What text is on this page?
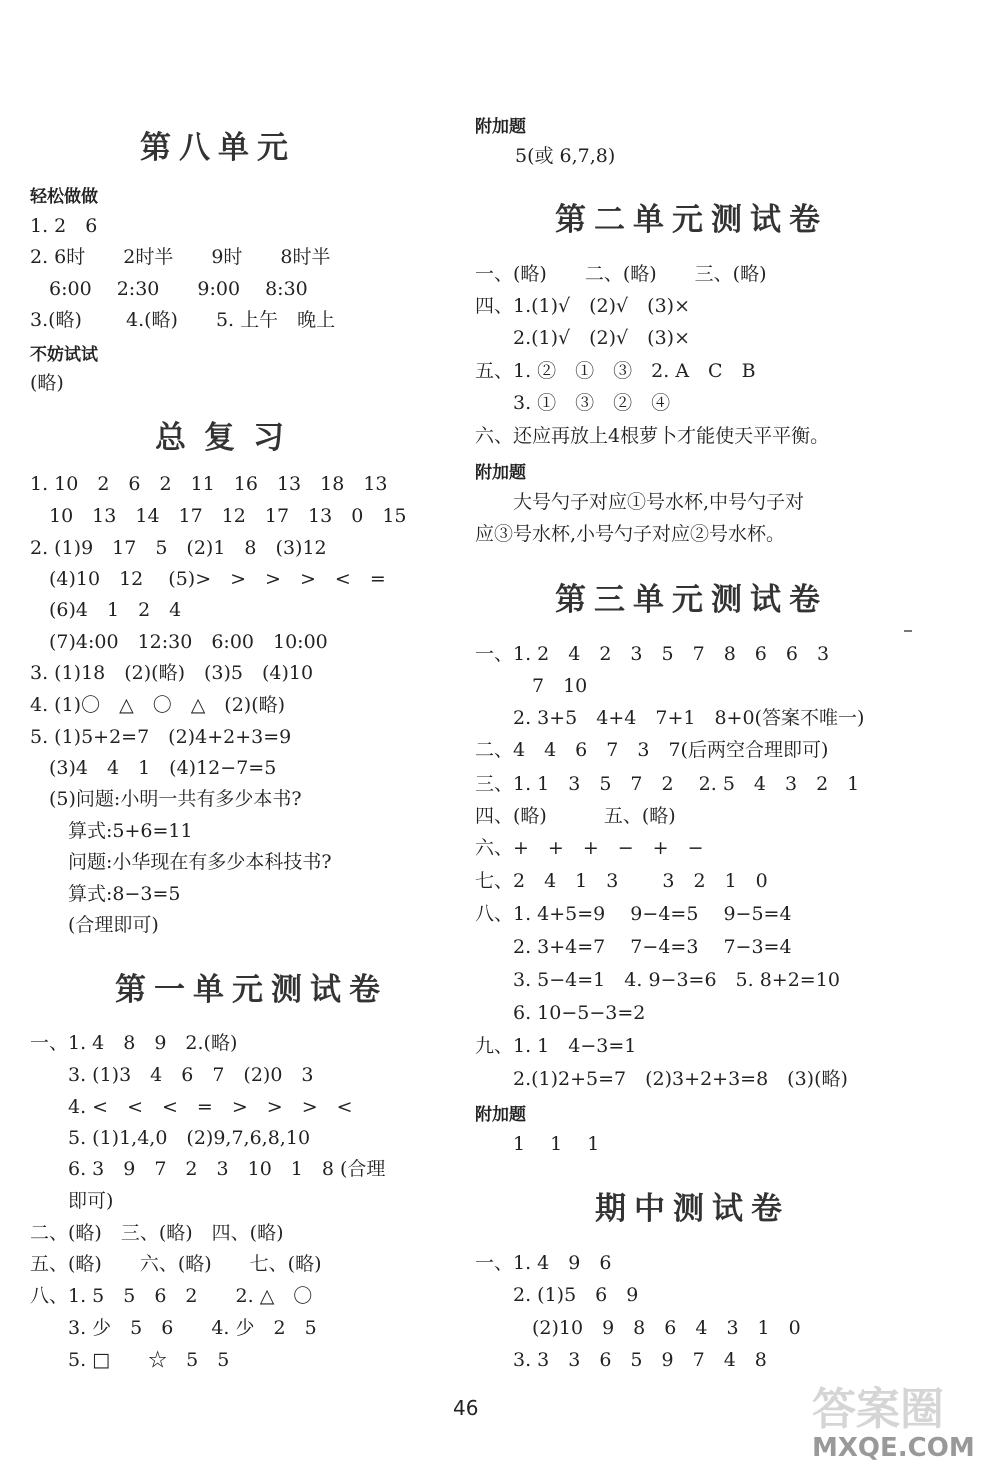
第八单元
轻松做做
1. 2　6
2. 6时　　2时半　　9时　　8时半
　6:00　 2:30　　9:00　 8:30
3.(略)　　 4.(略)　　5. 上午　晚上
不妨试试
(略)
总复习
1. 10　2　6　2　11　16　13　18　13
　10　13　14　17　12　17　13　0　15
2. (1)9　17　5　(2)1　8　(3)12
　(4)10　12　 (5)>　>　>　>　<　=
　(6)4　1　2　4
　(7)4:00　12:30　6:00　10:00
3. (1)18　(2)(略)　(3)5　(4)10
4. (1)〇　△　〇　△　(2)(略)
5. (1)5+2=7　(2)4+2+3=9
　(3)4　4　1　(4)12−7=5
　(5)问题:小明一共有多少本书?
　　算式:5+6=11
　　问题:小华现在有多少本科技书?
　　算式:8−3=5
　　(合理即可)
第一单元测试卷
一、1. 4　8　9　2.(略)
　　3. (1)3　4　6　7　(2)0　3
　　4. <　<　<　=　>　>　>　<
　　5. (1)1,4,0　(2)9,7,6,8,10
　　6. 3　9　7　2　3　10　1　8 (合理
　　即可)
二、(略)　三、(略)　四、(略)
五、(略)　　六、(略)　　七、(略)
八、1. 5　5　6　2　　2. △　〇
　　3. 少　5　6　　4. 少　2　5
　　5. □　　☆　5　5
附加题
5(或 6,7,8)
第二单元测试卷
一、(略)　　二、(略)　　三、(略)
四、1.(1)√　(2)√　(3)×
　　2.(1)√　(2)√　(3)×
五、1. ②　①　③　2. A　C　B
　　3. ①　③　②　④
六、还应再放上4根萝卜才能使天平平衡。
附加题
　　大号勺子对应①号水杯,中号勺子对
应③号水杯,小号勺子对应②号水杯。
第三单元测试卷
一、1. 2　4　2　3　5　7　8　6　6　3
　　　7　10
　　2. 3+5　4+4　7+1　8+0(答案不唯一)
二、4　4　6　7　3　7(后两空合理即可)
三、1. 1　3　5　7　2　 2. 5　4　3　2　1
四、(略)　　　五、(略)
六、+　+　+　−　+　−
七、2　4　1　3　　 3　2　1　0
八、1. 4+5=9　 9−4=5　 9−5=4
　　2. 3+4=7　 7−4=3　 7−3=4
　　3. 5−4=1　4. 9−3=6　5. 8+2=10
　　6. 10−5−3=2
九、1. 1　4−3=1
　　2.(1)2+5=7　(2)3+2+3=8　(3)(略)
附加题
　　1　 1　 1
期中测试卷
一、1. 4　9　6
　　2. (1)5　6　9
　　　(2)10　9　8　6　4　3　1　0
　　3. 3　3　6　5　9　7　4　8
46	答案圈
MXQE.COM
